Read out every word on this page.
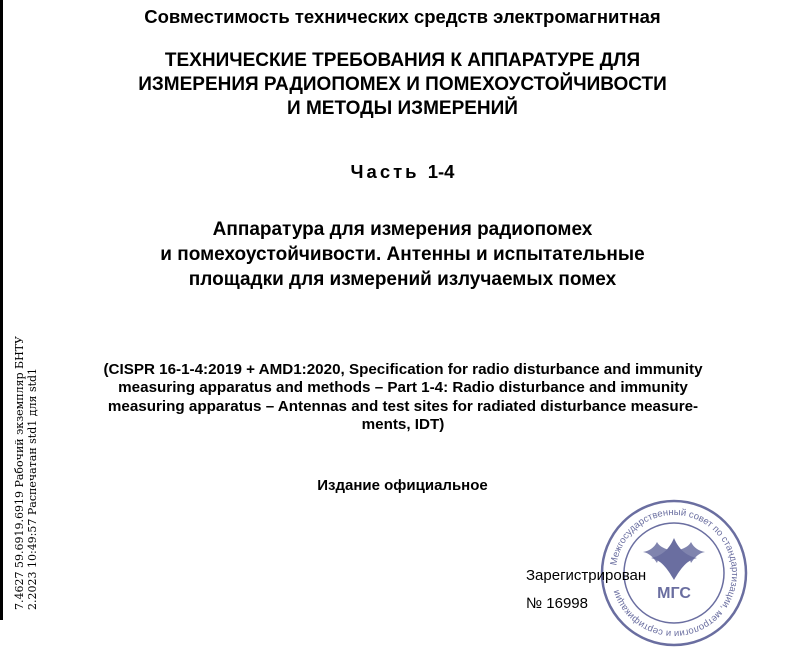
Совместимость технических средств электромагнитная
ТЕХНИЧЕСКИЕ ТРЕБОВАНИЯ К АППАРАТУРЕ ДЛЯ
ИЗМЕРЕНИЯ РАДИОПОМЕХ И ПОМЕХОУСТОЙЧИВОСТИ
И МЕТОДЫ ИЗМЕРЕНИЙ
Часть 1-4
Аппаратура для измерения радиопомех
и помехоустойчивости. Антенны и испытательные
площадки для измерений излучаемых помех
(CISPR 16-1-4:2019 + AMD1:2020, Specification for radio disturbance and immunity
measuring apparatus and methods – Part 1-4: Radio disturbance and immunity
measuring apparatus – Antennas and test sites for radiated disturbance measure-
ments, IDT)
Издание официальное
7.4627 59.6919.6919 Рабочий экземпляр БНТУ 2.2023 10:49:57 Распечатан std1 для std1	Межгосударственный совет по стандартизации, метрологии и сертификации	МГС
Зарегистрирован
№ 16998
